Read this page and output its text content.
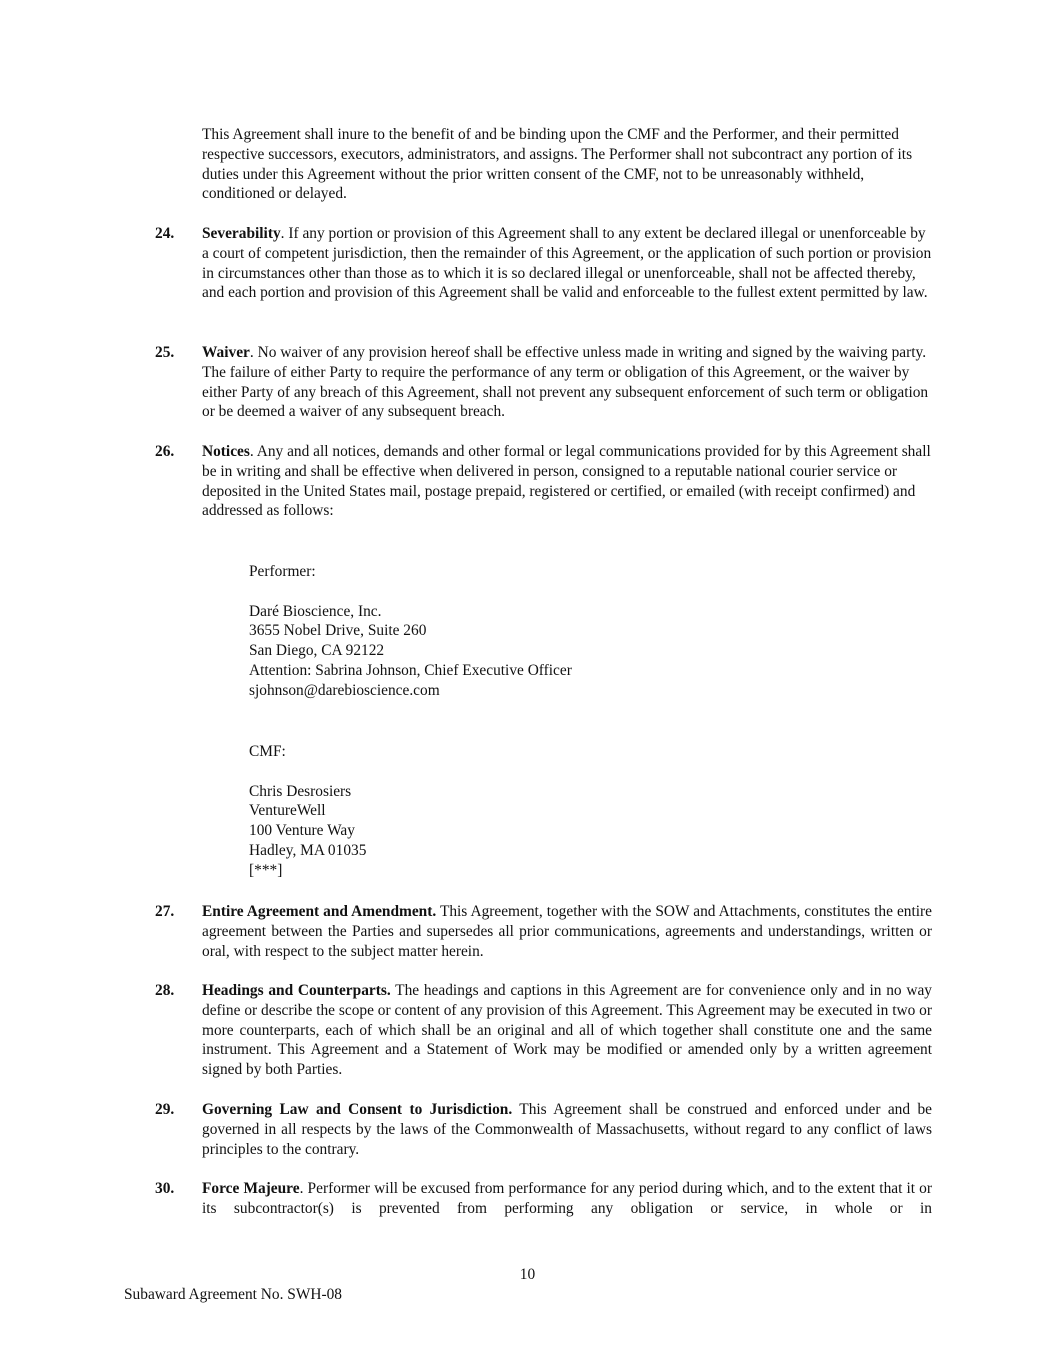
This Agreement shall inure to the benefit of and be binding upon the CMF and the Performer, and their permitted respective successors, executors, administrators, and assigns. The Performer shall not subcontract any portion of its duties under this Agreement without the prior written consent of the CMF, not to be unreasonably withheld, conditioned or delayed.

24. Severability. If any portion or provision of this Agreement shall to any extent be declared illegal or unenforceable by a court of competent jurisdiction, then the remainder of this Agreement, or the application of such portion or provision in circumstances other than those as to which it is so declared illegal or unenforceable, shall not be affected thereby, and each portion and provision of this Agreement shall be valid and enforceable to the fullest extent permitted by law.
25. Waiver. No waiver of any provision hereof shall be effective unless made in writing and signed by the waiving party. The failure of either Party to require the performance of any term or obligation of this Agreement, or the waiver by either Party of any breach of this Agreement, shall not prevent any subsequent enforcement of such term or obligation or be deemed a waiver of any subsequent breach.
26. Notices. Any and all notices, demands and other formal or legal communications provided for by this Agreement shall be in writing and shall be effective when delivered in person, consigned to a reputable national courier service or deposited in the United States mail, postage prepaid, registered or certified, or emailed (with receipt confirmed) and addressed as follows:
Performer:
Daré Bioscience, Inc.
3655 Nobel Drive, Suite 260
San Diego, CA 92122
Attention: Sabrina Johnson, Chief Executive Officer
sjohnson@darebioscience.com
CMF:
Chris Desrosiers
VentureWell
100 Venture Way
Hadley, MA 01035
[***]
27. Entire Agreement and Amendment. This Agreement, together with the SOW and Attachments, constitutes the entire agreement between the Parties and supersedes all prior communications, agreements and understandings, written or oral, with respect to the subject matter herein.
28. Headings and Counterparts. The headings and captions in this Agreement are for convenience only and in no way define or describe the scope or content of any provision of this Agreement. This Agreement may be executed in two or more counterparts, each of which shall be an original and all of which together shall constitute one and the same instrument. This Agreement and a Statement of Work may be modified or amended only by a written agreement signed by both Parties.
29. Governing Law and Consent to Jurisdiction. This Agreement shall be construed and enforced under and be governed in all respects by the laws of the Commonwealth of Massachusetts, without regard to any conflict of laws principles to the contrary.
30. Force Majeure. Performer will be excused from performance for any period during which, and to the extent that it or its subcontractor(s) is prevented from performing any obligation or service, in whole or in
10
Subaward Agreement No. SWH-08
